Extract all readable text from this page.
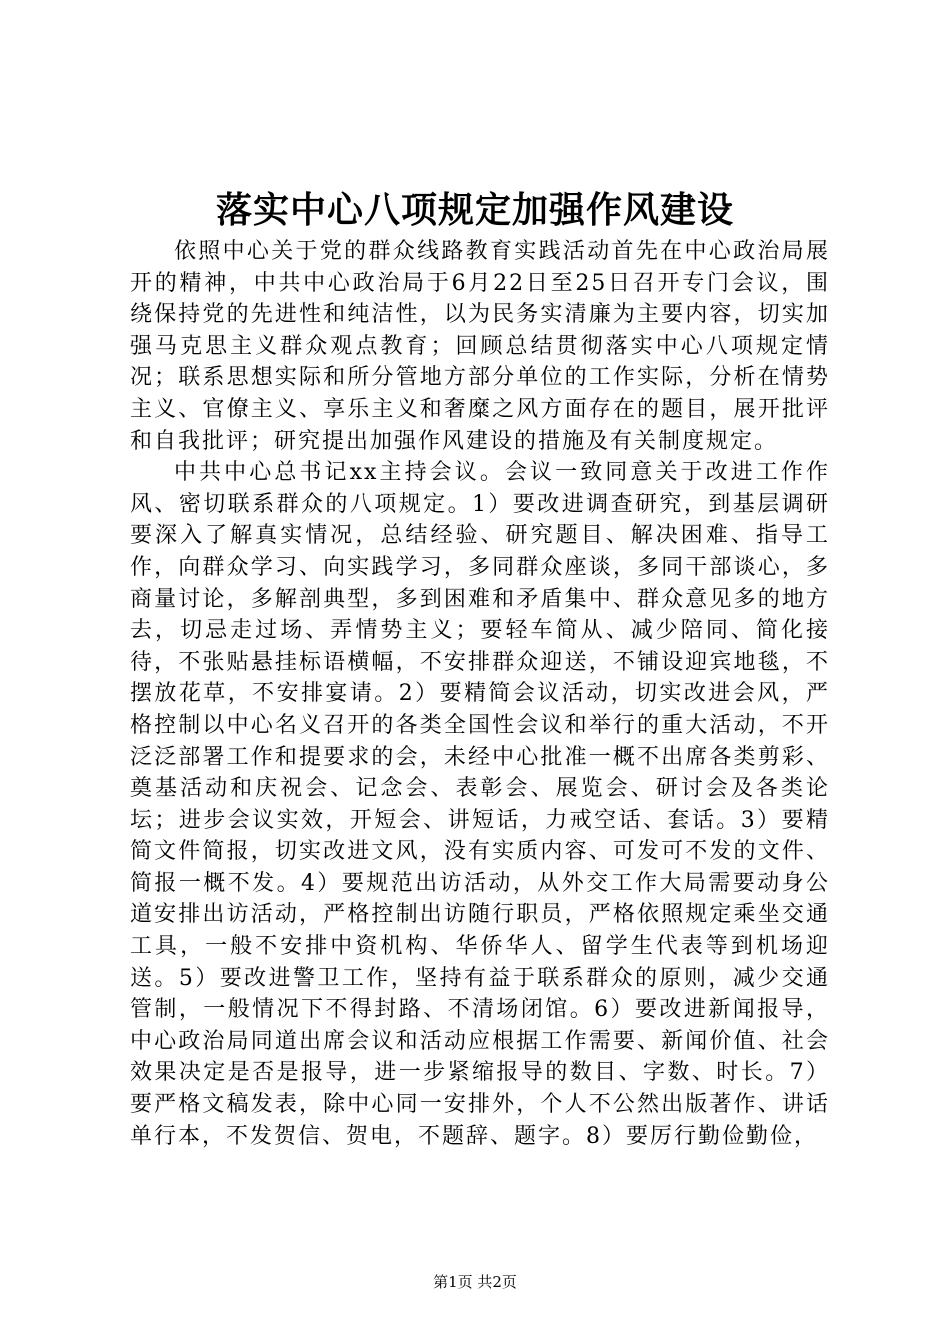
落实中心八项规定加强作风建设

依照中心关于党的群众线路教育实践活动首先在中心政治局展开的精神，中共中心政治局于6月22日至25日召开专门会议，围绕保持党的先进性和纯洁性，以为民务实清廉为主要内容，切实加强马克思主义群众观点教育；回顾总结贯彻落实中心八项规定情况；联系思想实际和所分管地方部分单位的工作实际，分析在情势主义、官僚主义、享乐主义和奢糜之风方面存在的题目，展开批评和自我批评；研究提出加强作风建设的措施及有关制度规定。

中共中心总书记xx主持会议。会议一致同意关于改进工作作风、密切联系群众的八项规定。1）要改进调查研究，到基层调研要深入了解真实情况，总结经验、研究题目、解决困难、指导工作，向群众学习、向实践学习，多同群众座谈，多同干部谈心，多商量讨论，多解剖典型，多到困难和矛盾集中、群众意见多的地方去，切忌走过场、弄情势主义；要轻车简从、减少陪同、简化接待，不张贴悬挂标语横幅，不安排群众迎送，不铺设迎宾地毯，不摆放花草，不安排宴请。2）要精简会议活动，切实改进会风，严格控制以中心名义召开的各类全国性会议和举行的重大活动，不开泛泛部署工作和提要求的会，未经中心批准一概不出席各类剪彩、奠基活动和庆祝会、记念会、表彰会、展览会、研讨会及各类论坛；进步会议实效，开短会、讲短话，力戒空话、套话。3）要精简文件简报，切实改进文风，没有实质内容、可发可不发的文件、简报一概不发。4）要规范出访活动，从外交工作大局需要动身公道安排出访活动，严格控制出访随行职员，严格依照规定乘坐交通工具，一般不安排中资机构、华侨华人、留学生代表等到机场迎送。5）要改进警卫工作，坚持有益于联系群众的原则，减少交通管制，一般情况下不得封路、不清场闭馆。6）要改进新闻报导，中心政治局同道出席会议和活动应根据工作需要、新闻价值、社会效果决定是否是报导，进一步紧缩报导的数目、字数、时长。7）要严格文稿发表，除中心同一安排外，个人不公然出版著作、讲话单行本，不发贺信、贺电，不题辞、题字。8）要厉行勤俭勤俭，

第1页 共2页
